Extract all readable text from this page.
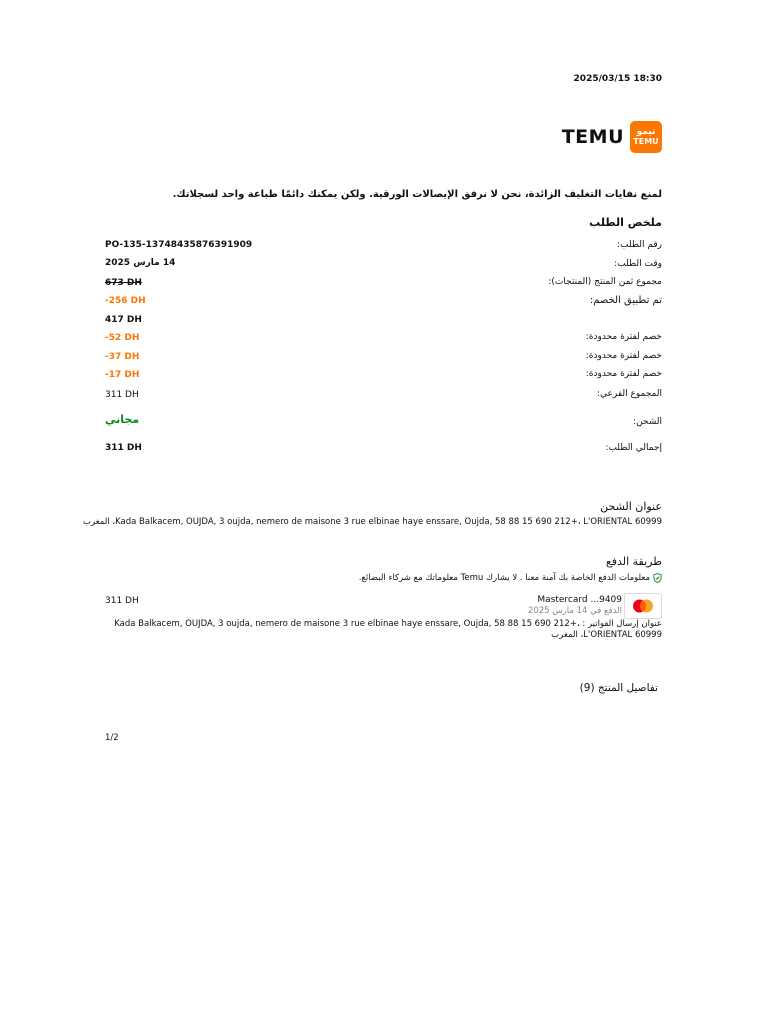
2025/03/15 18:30
TEMU تيمو
TEMU
لمنع نفايات التغليف الزائدة، نحن لا نرفق الإيصالات الورقية. ولكن يمكنك دائمًا طباعة واحد لسجلاتك.
ملخص الطلب
رقم الطلب:
PO-135-13748435876391909
وقت الطلب:
14 مارس 2025
مجموع ثمن المنتج (المنتجات):
673 DH
تم تطبيق الخصم:
-256 DH
417 DH
خصم لفترة محدودة:
-52 DH
خصم لفترة محدودة:
-37 DH
خصم لفترة محدودة:
-17 DH
المجموع الفرعي:
311 DH
الشحن:
مجاني
إجمالي الطلب:
311 DH
عنوان الشحن
Kada Balkacem, OUJDA, 3 oujda, nemero de maisone 3 rue elbinae haye enssare, Oujda, 58 88 15 690 212+، L'ORIENTAL 60999، المغرب
طريقة الدفع
معلومات الدفع الخاصة بك آمنة معنا . لا يشارك Temu معلوماتك مع شركاء البضائع.
Mastercard ...9409
الدفع في 14 مارس 2025
311 DH
عنوان إرسال الفواتير : Kada Balkacem, OUJDA, 3 oujda, nemero de maisone 3 rue elbinae haye enssare, Oujda, 58 88 15 690 212+، L'ORIENTAL 60999، المغرب
تفاصيل المنتج (9)
1/2
